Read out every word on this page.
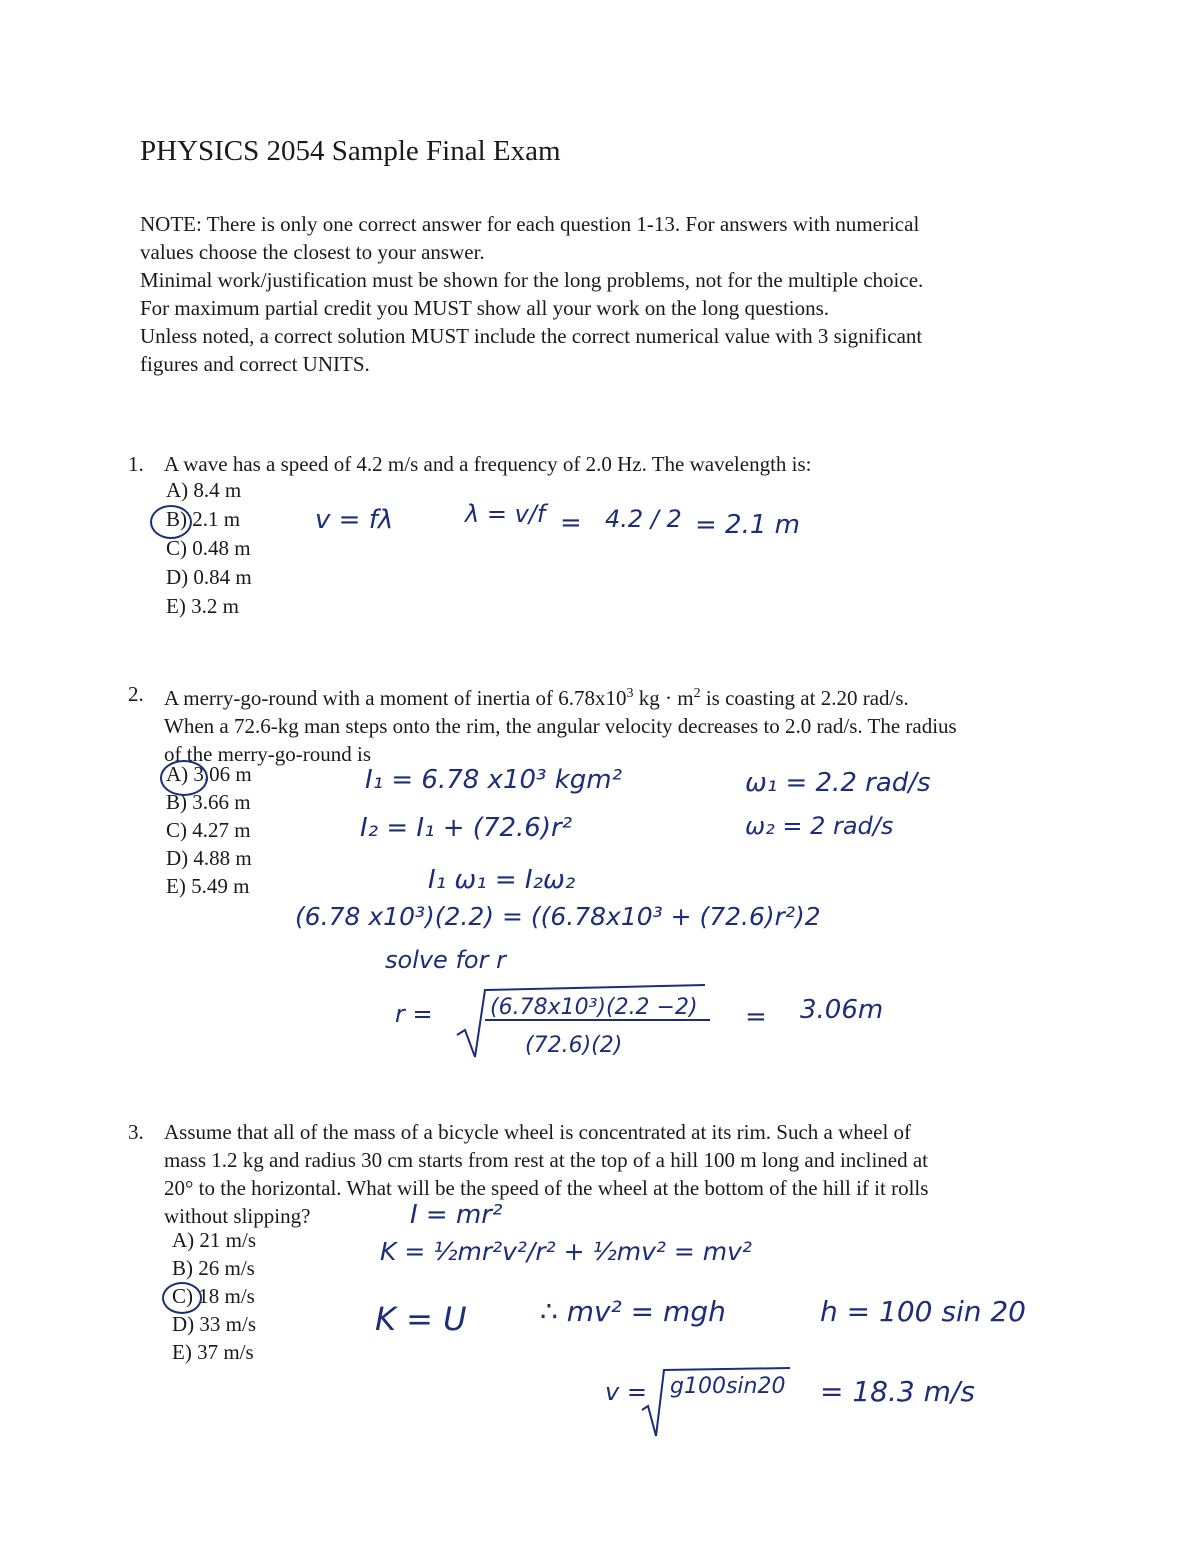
PHYSICS 2054 Sample Final Exam
NOTE: There is only one correct answer for each question 1-13. For answers with numerical
values choose the closest to your answer.
Minimal work/justification must be shown for the long problems, not for the multiple choice.
For maximum partial credit you MUST show all your work on the long questions.
Unless noted, a correct solution MUST include the correct numerical value with 3 significant
figures and correct UNITS.
1. A wave has a speed of 4.2 m/s and a frequency of 2.0 Hz. The wavelength is:
A) 8.4 m
B) 2.1 m
C) 0.48 m
D) 0.84 m
E) 3.2 m
v = fλ	λ = v/f = 4.2 / 2 = 2.1 m
2. A merry-go-round with a moment of inertia of $6.78x10^3$ kg · $m^2$ is coasting at 2.20 rad/s.
When a 72.6-kg man steps onto the rim, the angular velocity decreases to 2.0 rad/s. The radius
of the merry-go-round is
A) 3.06 m
B) 3.66 m
C) 4.27 m
D) 4.88 m
E) 5.49 m
I₁ = 6.78 x10³ kgm²
I₂ = I₁ + (72.6)r²
ω₁ = 2.2 rad/s
ω₂ = 2 rad/s
I₁ ω₁ = I₂ω₂
(6.78 x10³)(2.2) = ((6.78x10³ + (72.6)r²)2
solve for r
r =	(6.78x10³)(2.2 −2)
(72.6)(2)
= 3.06m
3. Assume that all of the mass of a bicycle wheel is concentrated at its rim. Such a wheel of
mass 1.2 kg and radius 30 cm starts from rest at the top of a hill 100 m long and inclined at
20° to the horizontal. What will be the speed of the wheel at the bottom of the hill if it rolls
without slipping?
A) 21 m/s
B) 26 m/s
C) 18 m/s
D) 33 m/s
E) 37 m/s
I = mr²
K = ½mr²v²/r² + ½mv² = mv²
K = U	∴ mv² = mgh	h = 100 sin 20
v = g100sin20 = 18.3 m/s
